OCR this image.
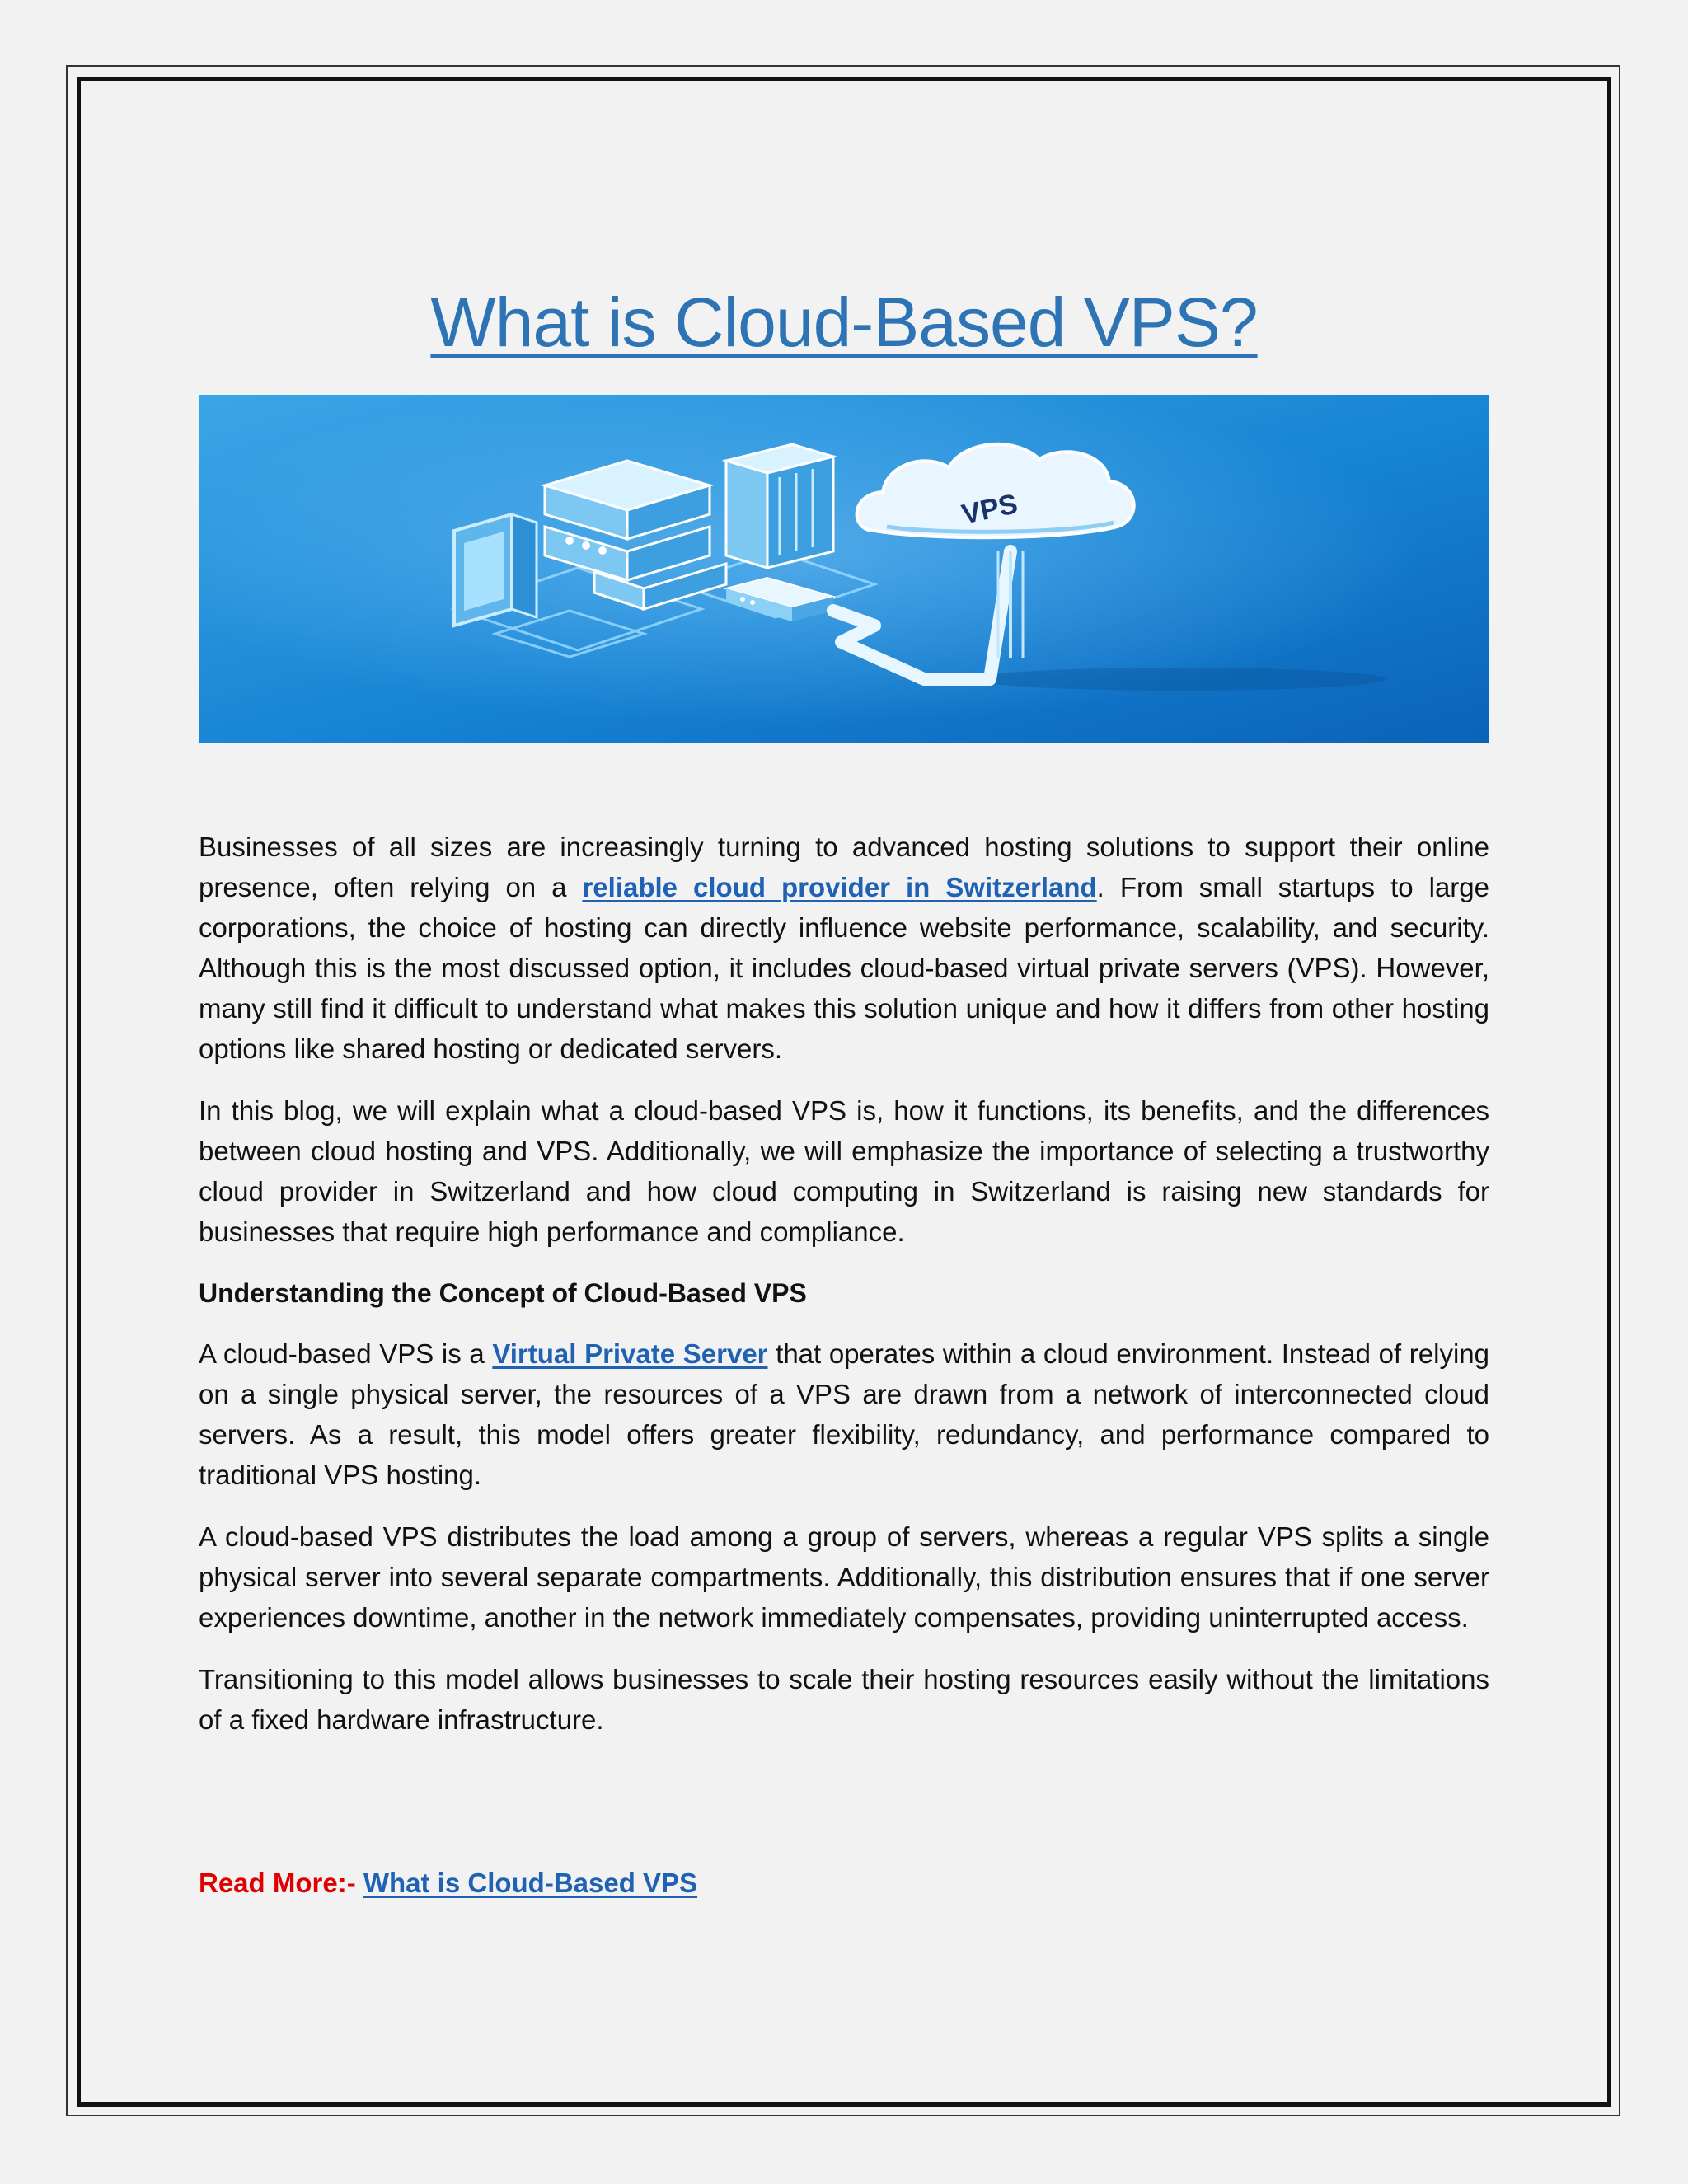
What is Cloud-Based VPS?
VPS

Businesses of all sizes are increasingly turning to advanced hosting solutions to support their online presence, often relying on a reliable cloud provider in Switzerland. From small startups to large corporations, the choice of hosting can directly influence website performance, scalability, and security. Although this is the most discussed option, it includes cloud-based virtual private servers (VPS). However, many still find it difficult to understand what makes this solution unique and how it differs from other hosting options like shared hosting or dedicated servers.

In this blog, we will explain what a cloud-based VPS is, how it functions, its benefits, and the differences between cloud hosting and VPS. Additionally, we will emphasize the importance of selecting a trustworthy cloud provider in Switzerland and how cloud computing in Switzerland is raising new standards for businesses that require high performance and compliance.

Understanding the Concept of Cloud-Based VPS

A cloud-based VPS is a Virtual Private Server that operates within a cloud environment. Instead of relying on a single physical server, the resources of a VPS are drawn from a network of interconnected cloud servers. As a result, this model offers greater flexibility, redundancy, and performance compared to traditional VPS hosting.

A cloud-based VPS distributes the load among a group of servers, whereas a regular VPS splits a single physical server into several separate compartments. Additionally, this distribution ensures that if one server experiences downtime, another in the network immediately compensates, providing uninterrupted access.

Transitioning to this model allows businesses to scale their hosting resources easily without the limitations of a fixed hardware infrastructure.

Read More:- What is Cloud-Based VPS
